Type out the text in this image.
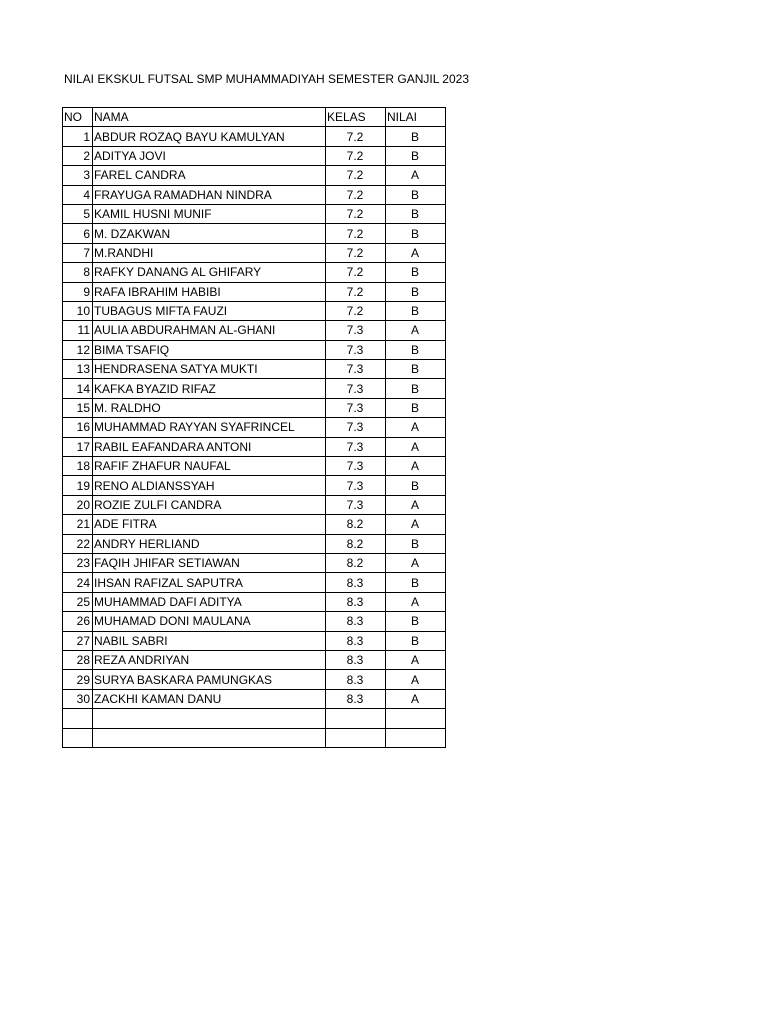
NILAI EKSKUL FUTSAL SMP MUHAMMADIYAH SEMESTER GANJIL 2023
NO	NAMA	KELAS	NILAI
1	ABDUR ROZAQ BAYU KAMULYAN	7.2	B
2	ADITYA JOVI	7.2	B
3	FAREL CANDRA	7.2	A
4	FRAYUGA RAMADHAN NINDRA	7.2	B
5	KAMIL HUSNI MUNIF	7.2	B
6	M. DZAKWAN	7.2	B
7	M.RANDHI	7.2	A
8	RAFKY DANANG AL GHIFARY	7.2	B
9	RAFA IBRAHIM HABIBI	7.2	B
10	TUBAGUS MIFTA FAUZI	7.2	B
11	AULIA ABDURAHMAN AL-GHANI	7.3	A
12	BIMA TSAFIQ	7.3	B
13	HENDRASENA SATYA MUKTI	7.3	B
14	KAFKA BYAZID RIFAZ	7.3	B
15	M. RALDHO	7.3	B
16	MUHAMMAD RAYYAN SYAFRINCEL	7.3	A
17	RABIL EAFANDARA ANTONI	7.3	A
18	RAFIF ZHAFUR NAUFAL	7.3	A
19	RENO ALDIANSSYAH	7.3	B
20	ROZIE ZULFI CANDRA	7.3	A
21	ADE FITRA	8.2	A
22	ANDRY HERLIAND	8.2	B
23	FAQIH JHIFAR SETIAWAN	8.2	A
24	IHSAN RAFIZAL SAPUTRA	8.3	B
25	MUHAMMAD DAFI ADITYA	8.3	A
26	MUHAMAD DONI MAULANA	8.3	B
27	NABIL SABRI	8.3	B
28	REZA ANDRIYAN	8.3	A
29	SURYA BASKARA PAMUNGKAS	8.3	A
30	ZACKHI KAMAN DANU	8.3	A
